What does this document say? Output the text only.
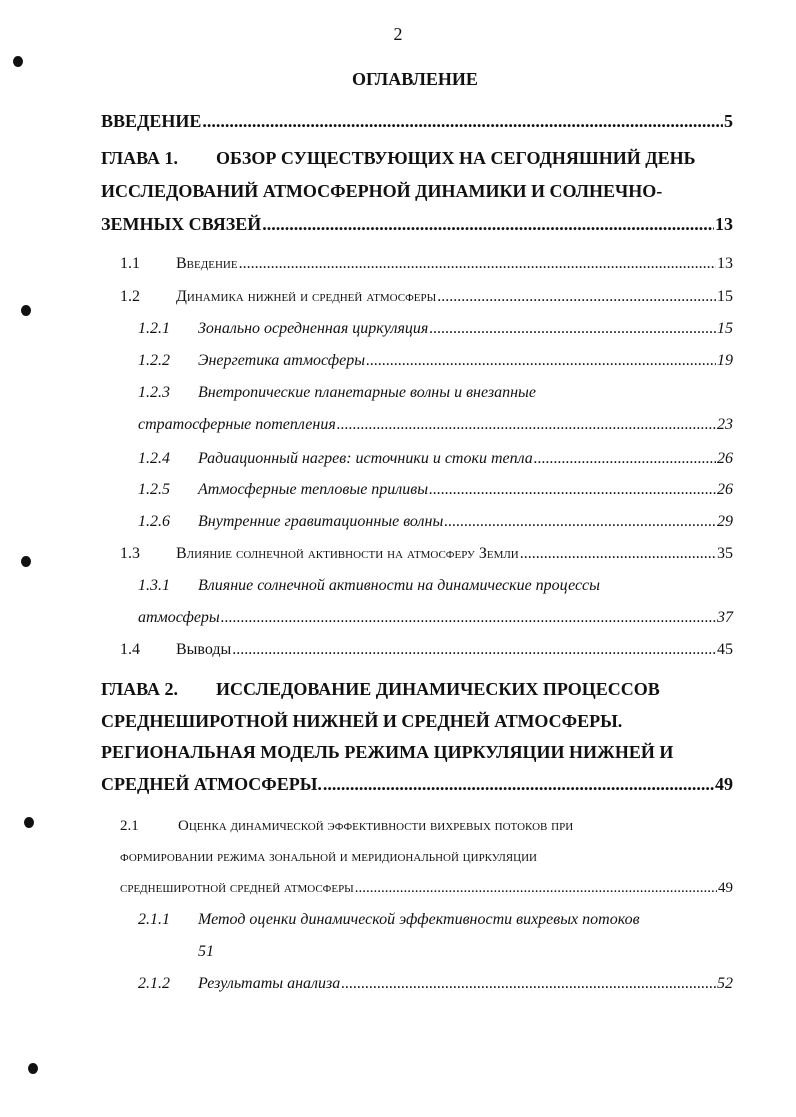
2
ОГЛАВЛЕНИЕ
ВВЕДЕНИЕ .....	5
ГЛАВА 1. ОБЗОР СУЩЕСТВУЮЩИХ НА СЕГОДНЯШНИЙ ДЕНЬ
ИССЛЕДОВАНИЙ АТМОСФЕРНОЙ ДИНАМИКИ И СОЛНЕЧНО-
ЗЕМНЫХ СВЯЗЕЙ .....	13
1.1	Введение .....	13
1.2	Динамика нижней и средней атмосферы .....	15
1.2.1	Зонально осредненная циркуляция .....	15
1.2.2	Энергетика атмосферы .....	19
1.2.3 Внетропические планетарные волны и внезапные
стратосферные потепления .....	23
1.2.4	Радиационный нагрев: источники и стоки тепла .....	26
1.2.5	Атмосферные тепловые приливы .....	26
1.2.6	Внутренние гравитационные волны .....	29
1.3	Влияние солнечной активности на атмосферу Земли .....	35
1.3.1 Влияние солнечной активности на динамические процессы
атмосферы .....	37
1.4	Выводы .....	45
ГЛАВА 2. ИССЛЕДОВАНИЕ ДИНАМИЧЕСКИХ ПРОЦЕССОВ
СРЕДНЕШИРОТНОЙ НИЖНЕЙ И СРЕДНЕЙ АТМОСФЕРЫ.
РЕГИОНАЛЬНАЯ МОДЕЛЬ РЕЖИМА ЦИРКУЛЯЦИИ НИЖНЕЙ И
СРЕДНЕЙ АТМОСФЕРЫ. .....	49
2.1	Оценка динамической эффективности вихревых потоков при
формировании режима зональной и меридиональной циркуляции
среднеширотной средней атмосферы .....	49
2.1.1 Метод оценки динамической эффективности вихревых потоков
51
2.1.2	Результаты анализа .....	52
